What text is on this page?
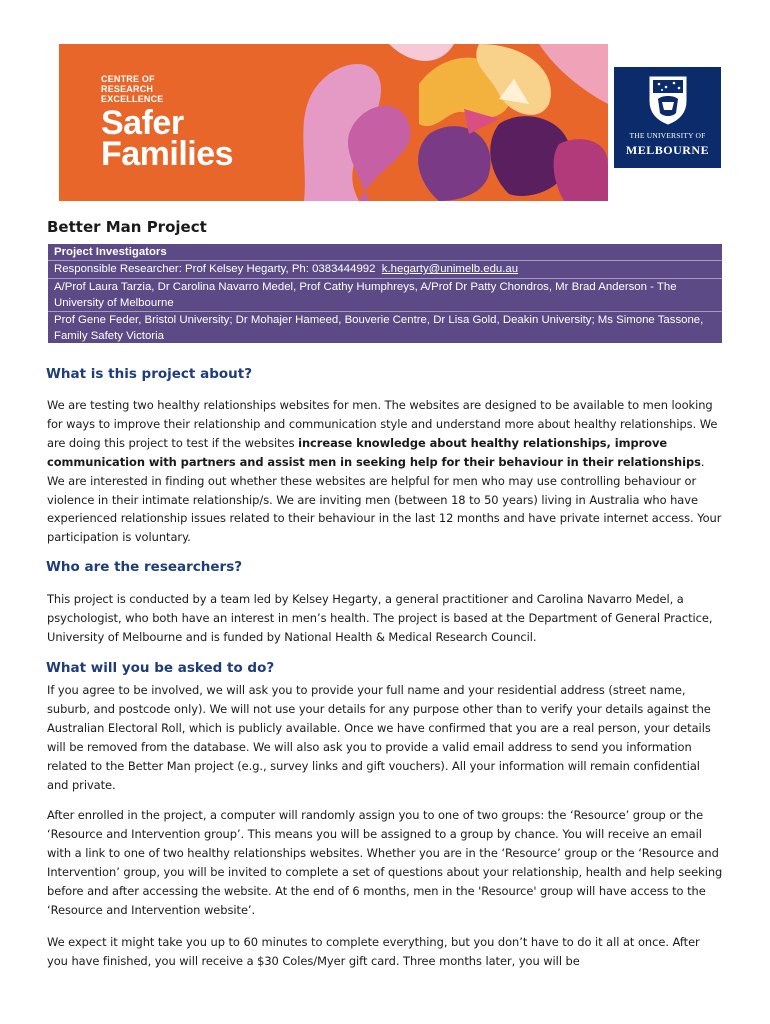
CENTRE OF
RESEARCH
EXCELLENCE
Safer
Families	THE UNIVERSITY OF
MELBOURNE
Better Man Project
Project Investigators
Responsible Researcher: Prof Kelsey Hegarty, Ph: 0383444992 k.hegarty@unimelb.edu.au
A/Prof Laura Tarzia, Dr Carolina Navarro Medel, Prof Cathy Humphreys, A/Prof Dr Patty Chondros, Mr Brad Anderson - The University of Melbourne
Prof Gene Feder, Bristol University; Dr Mohajer Hameed, Bouverie Centre, Dr Lisa Gold, Deakin University; Ms Simone Tassone, Family Safety Victoria
What is this project about?
We are testing two healthy relationships websites for men. The websites are designed to be available to men looking for ways to improve their relationship and communication style and understand more about healthy relationships. We are doing this project to test if the websites increase knowledge about healthy relationships, improve communication with partners and assist men in seeking help for their behaviour in their relationships. We are interested in finding out whether these websites are helpful for men who may use controlling behaviour or violence in their intimate relationship/s. We are inviting men (between 18 to 50 years) living in Australia who have experienced relationship issues related to their behaviour in the last 12 months and have private internet access. Your participation is voluntary.
Who are the researchers?
This project is conducted by a team led by Kelsey Hegarty, a general practitioner and Carolina Navarro Medel, a psychologist, who both have an interest in men’s health. The project is based at the Department of General Practice, University of Melbourne and is funded by National Health & Medical Research Council.
What will you be asked to do?
If you agree to be involved, we will ask you to provide your full name and your residential address (street name, suburb, and postcode only). We will not use your details for any purpose other than to verify your details against the Australian Electoral Roll, which is publicly available. Once we have confirmed that you are a real person, your details will be removed from the database. We will also ask you to provide a valid email address to send you information related to the Better Man project (e.g., survey links and gift vouchers). All your information will remain confidential and private.
After enrolled in the project, a computer will randomly assign you to one of two groups: the ‘Resource’ group or the ‘Resource and Intervention group’. This means you will be assigned to a group by chance. You will receive an email with a link to one of two healthy relationships websites. Whether you are in the ‘Resource’ group or the ‘Resource and Intervention’ group, you will be invited to complete a set of questions about your relationship, health and help seeking before and after accessing the website. At the end of 6 months, men in the 'Resource' group will have access to the ‘Resource and Intervention website’.
We expect it might take you up to 60 minutes to complete everything, but you don’t have to do it all at once. After you have finished, you will receive a $30 Coles/Myer gift card. Three months later, you will be
